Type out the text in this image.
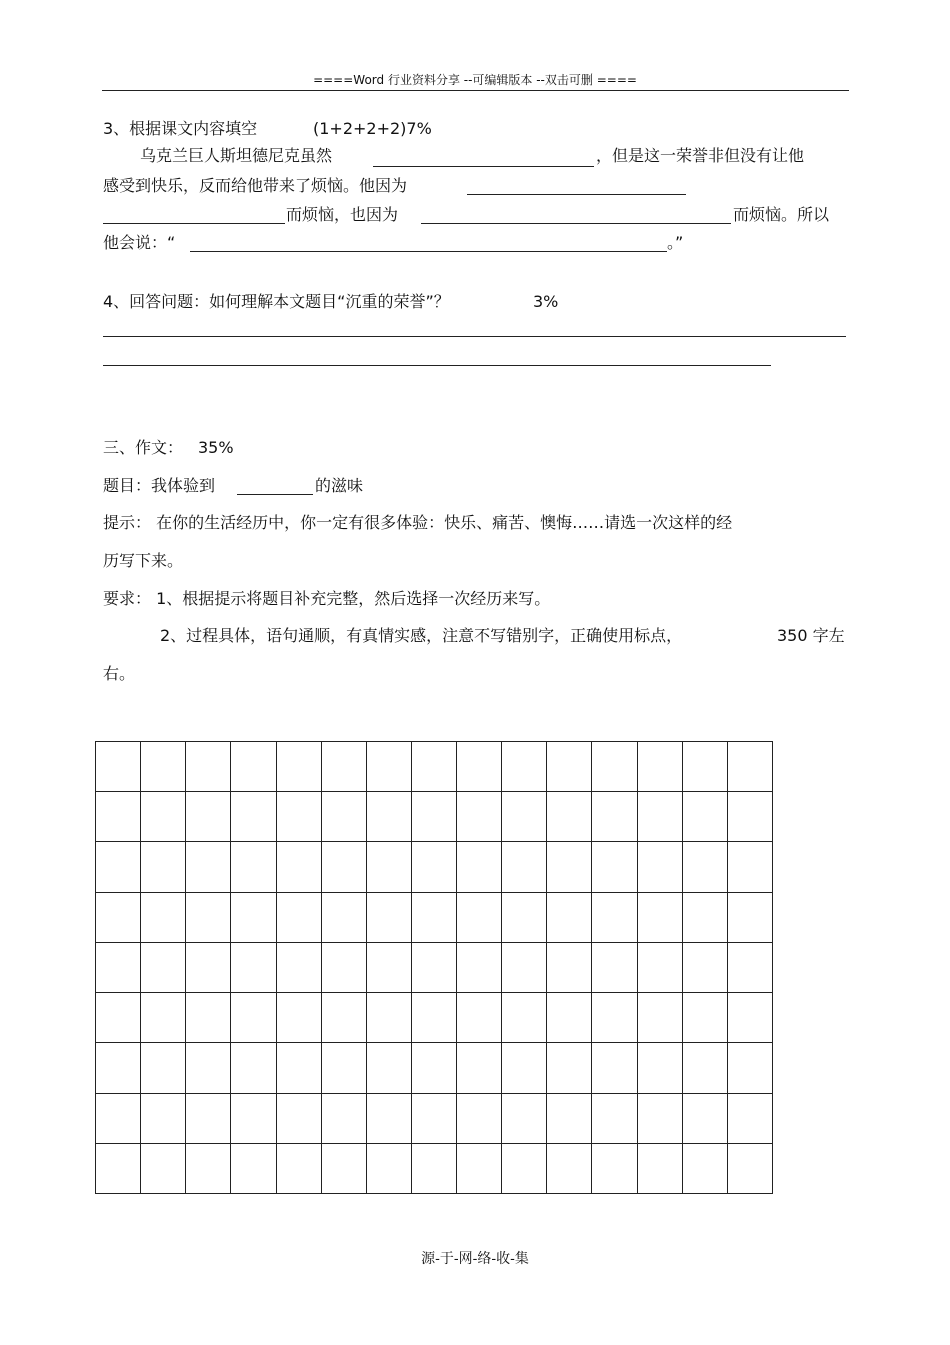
====Word 行业资料分享 --可编辑版本 --双击可删 ====
3、根据课文内容填空	(1+2+2+2)7%
乌克兰巨人斯坦德尼克虽然	，但是这一荣誉非但没有让他
感受到快乐，反而给他带来了烦恼。他因为
而烦恼，也因为	而烦恼。所以
他会说：“	。”
4、回答问题：如何理解本文题目“沉重的荣誉”？	3%
三、作文： 35%
题目：我体验到	的滋味
提示： 在你的生活经历中，你一定有很多体验：快乐、痛苦、懊悔……请选一次这样的经
历写下来。
要求： 1、根据提示将题目补充完整，然后选择一次经历来写。
2、过程具体，语句通顺，有真情实感，注意不写错别字，正确使用标点，	350 字左
右。
源-于-网-络-收-集
